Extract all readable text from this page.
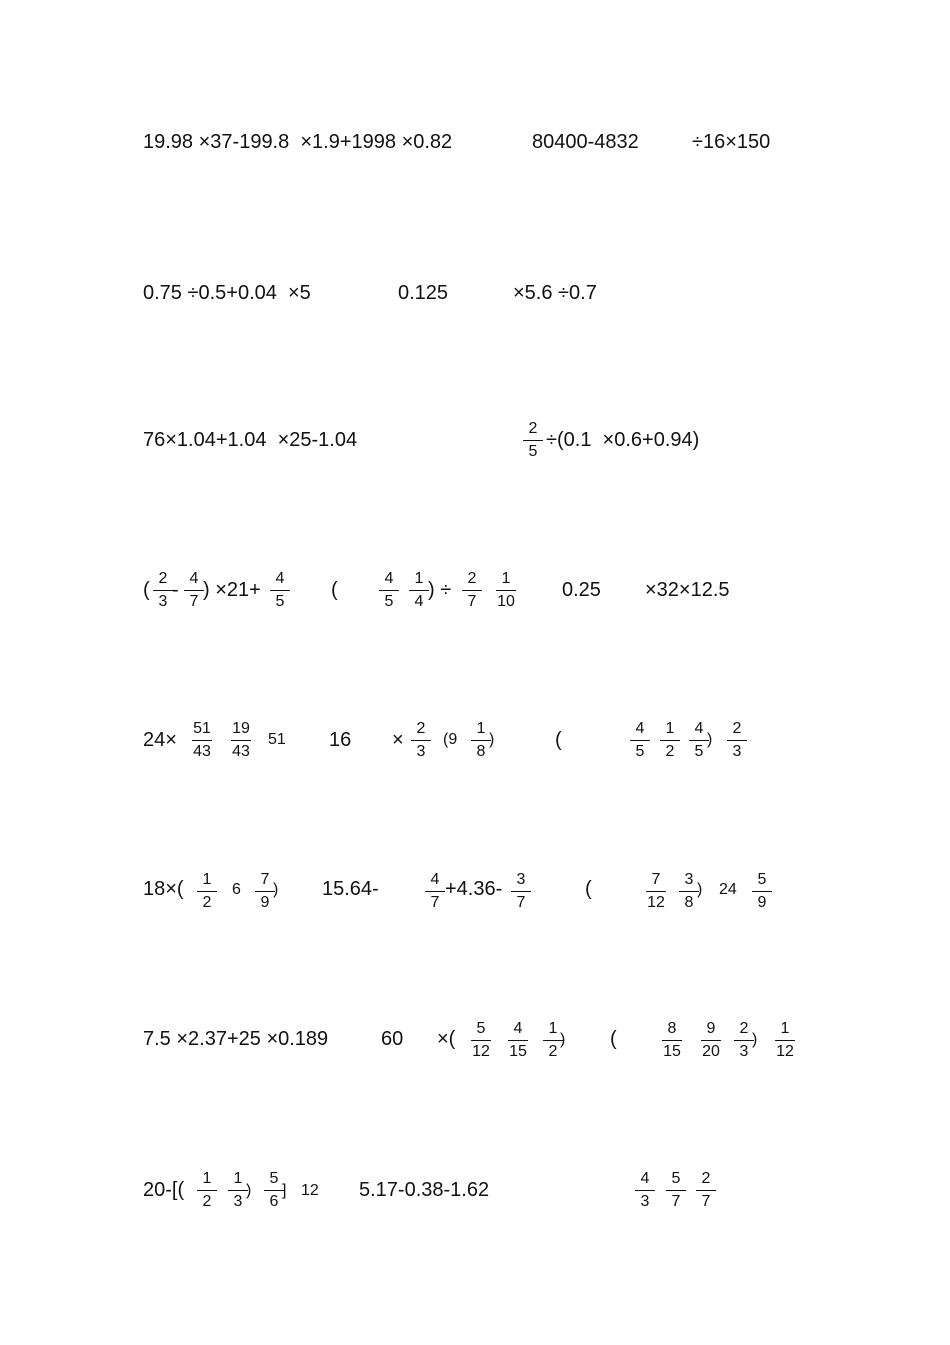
19.98 ×37-199.8  ×1.9+1998 ×0.82	80400-4832	÷16×150
0.75 ÷0.5+0.04  ×5	0.125	×5.6 ÷0.7
76×1.04+1.04  ×25-1.04
2
5
÷(0.1  ×0.6+0.94)
(
2
3
-
4
7
) ×21+
4
5
(
4
5
1
4
) ÷
2
7
1
10
0.25 ×32×12.5
24×
51
43
19
43
51 16 ×
2
3
(9
1
8
)	(
4
5
1
2
4
5
)
2
3
18×(	1
2
6
7
9
) 15.64-	4
7
+4.36- 3
7
(	7
12
3
8
) 24
5
9
7.5 ×2.37+25 ×0.189	60 ×(	5
12
4
15
1
2
) (	8
15
9
20
2
3
)
1
12
20-[(
1
2
1
3
)
5
6
] 12 5.17-0.38-1.62
4
3
5
7
2
7
